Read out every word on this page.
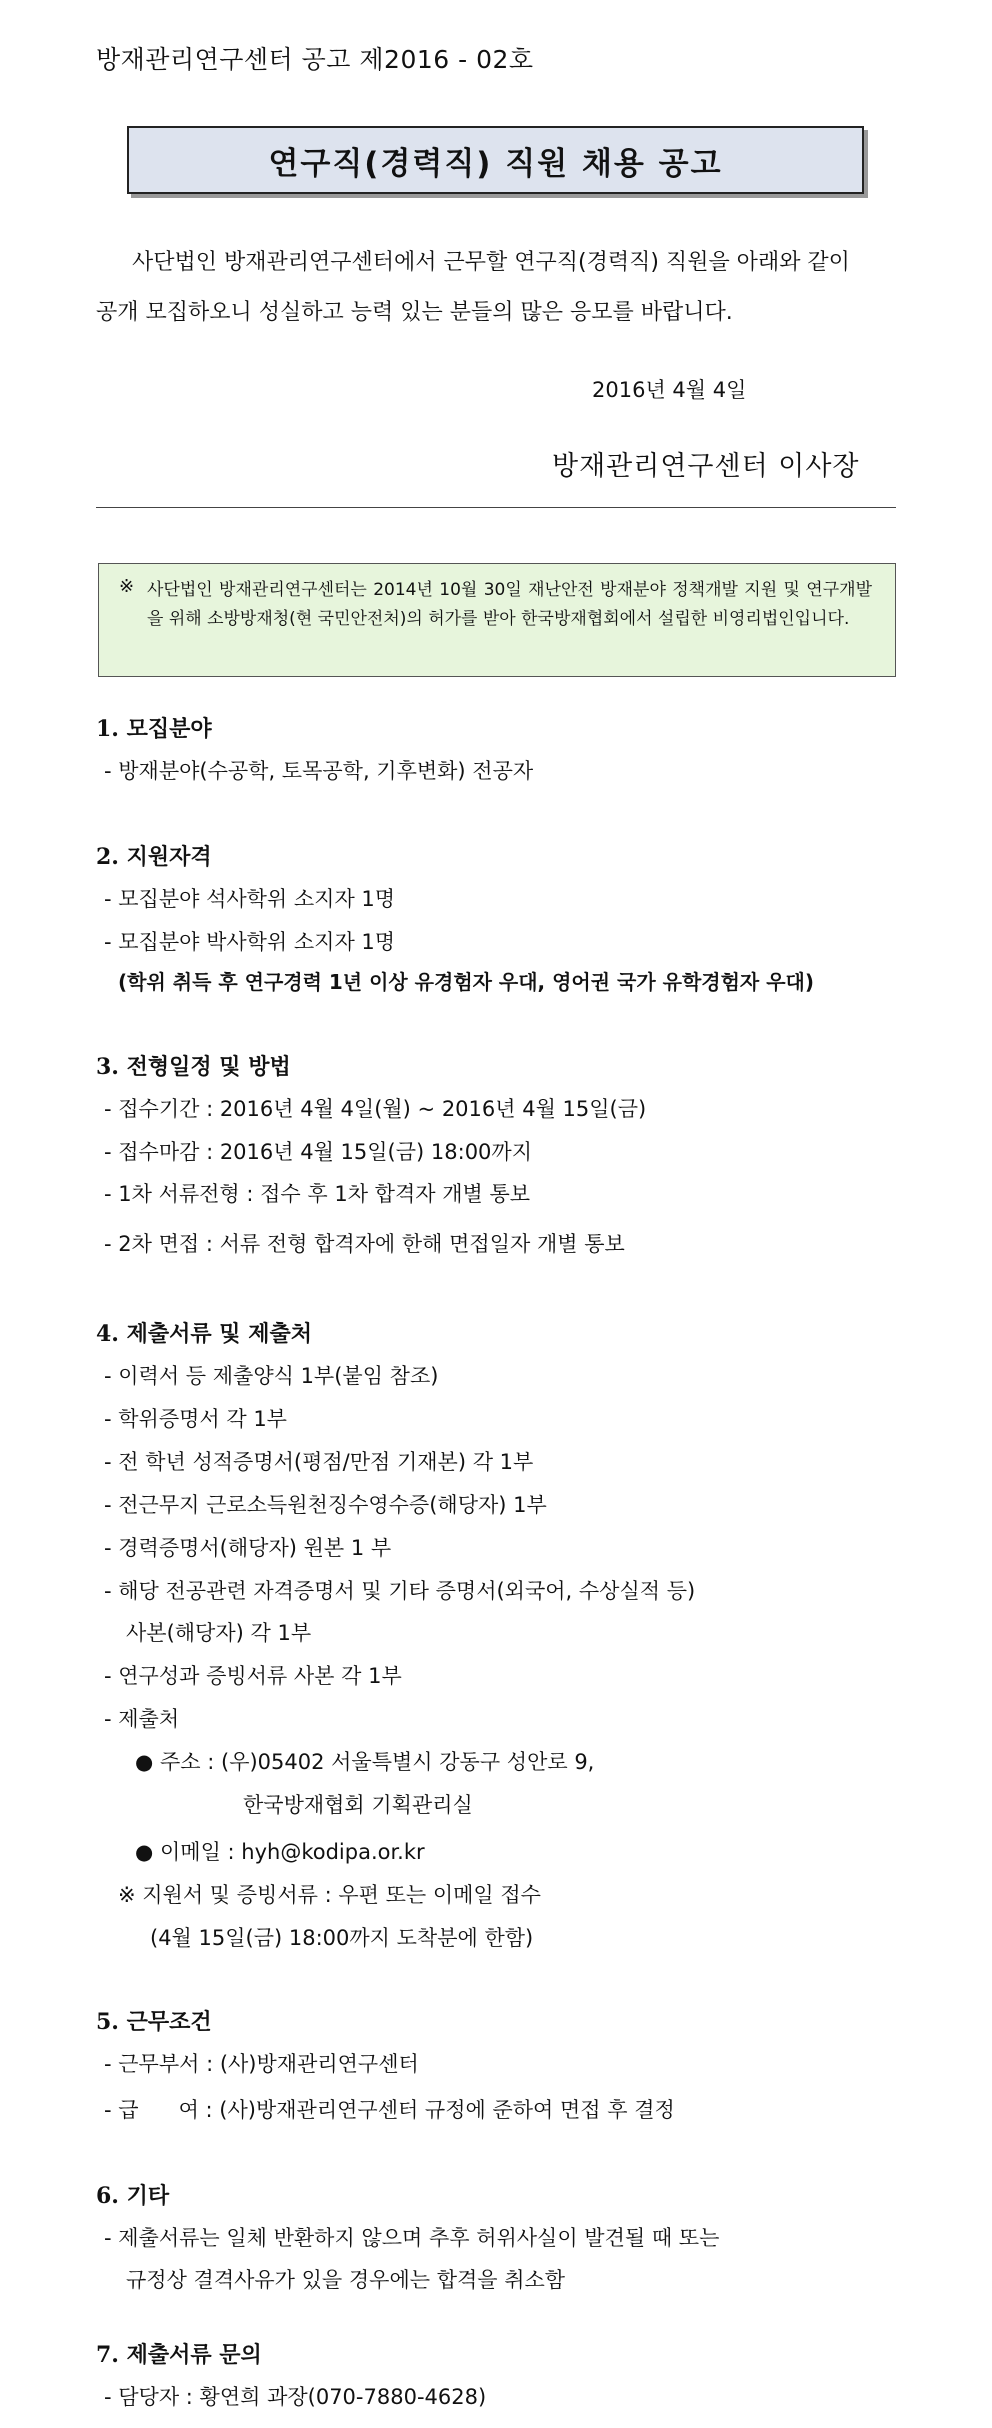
방재관리연구센터 공고 제2016 - 02호
연구직(경력직) 직원 채용 공고
사단법인 방재관리연구센터에서 근무할 연구직(경력직) 직원을 아래와 같이
공개 모집하오니 성실하고 능력 있는 분들의 많은 응모를 바랍니다.
2016년 4월 4일
방재관리연구센터 이사장
※ 사단법인 방재관리연구센터는 2014년 10월 30일 재난안전 방재분야 정책개발 지원 및 연구개발을 위해 소방방재청(현 국민안전처)의 허가를 받아 한국방재협회에서 설립한 비영리법인입니다.
1. 모집분야
- 방재분야(수공학, 토목공학, 기후변화) 전공자
2. 지원자격
- 모집분야 석사학위 소지자 1명
- 모집분야 박사학위 소지자 1명
(학위 취득 후 연구경력 1년 이상 유경험자 우대, 영어권 국가 유학경험자 우대)
3. 전형일정 및 방법
- 접수기간 : 2016년 4월 4일(월) ~ 2016년 4월 15일(금)
- 접수마감 : 2016년 4월 15일(금) 18:00까지
- 1차 서류전형 : 접수 후 1차 합격자 개별 통보
- 2차 면접 : 서류 전형 합격자에 한해 면접일자 개별 통보
4. 제출서류 및 제출처
- 이력서 등 제출양식 1부(붙임 참조)
- 학위증명서 각 1부
- 전 학년 성적증명서(평점/만점 기재본) 각 1부
- 전근무지 근로소득원천징수영수증(해당자) 1부
- 경력증명서(해당자) 원본 1 부
- 해당 전공관련 자격증명서 및 기타 증명서(외국어, 수상실적 등)
사본(해당자) 각 1부
- 연구성과 증빙서류 사본 각 1부
- 제출처
● 주소 : (우)05402 서울특별시 강동구 성안로 9,
한국방재협회 기획관리실
● 이메일 : hyh@kodipa.or.kr
※ 지원서 및 증빙서류 : 우편 또는 이메일 접수
(4월 15일(금) 18:00까지 도착분에 한함)
5. 근무조건
- 근무부서 : (사)방재관리연구센터
- 급      여 : (사)방재관리연구센터 규정에 준하여 면접 후 결정
6. 기타
- 제출서류는 일체 반환하지 않으며 추후 허위사실이 발견될 때 또는
규정상 결격사유가 있을 경우에는 합격을 취소함
7. 제출서류 문의
- 담당자 : 황연희 과장(070-7880-4628)
